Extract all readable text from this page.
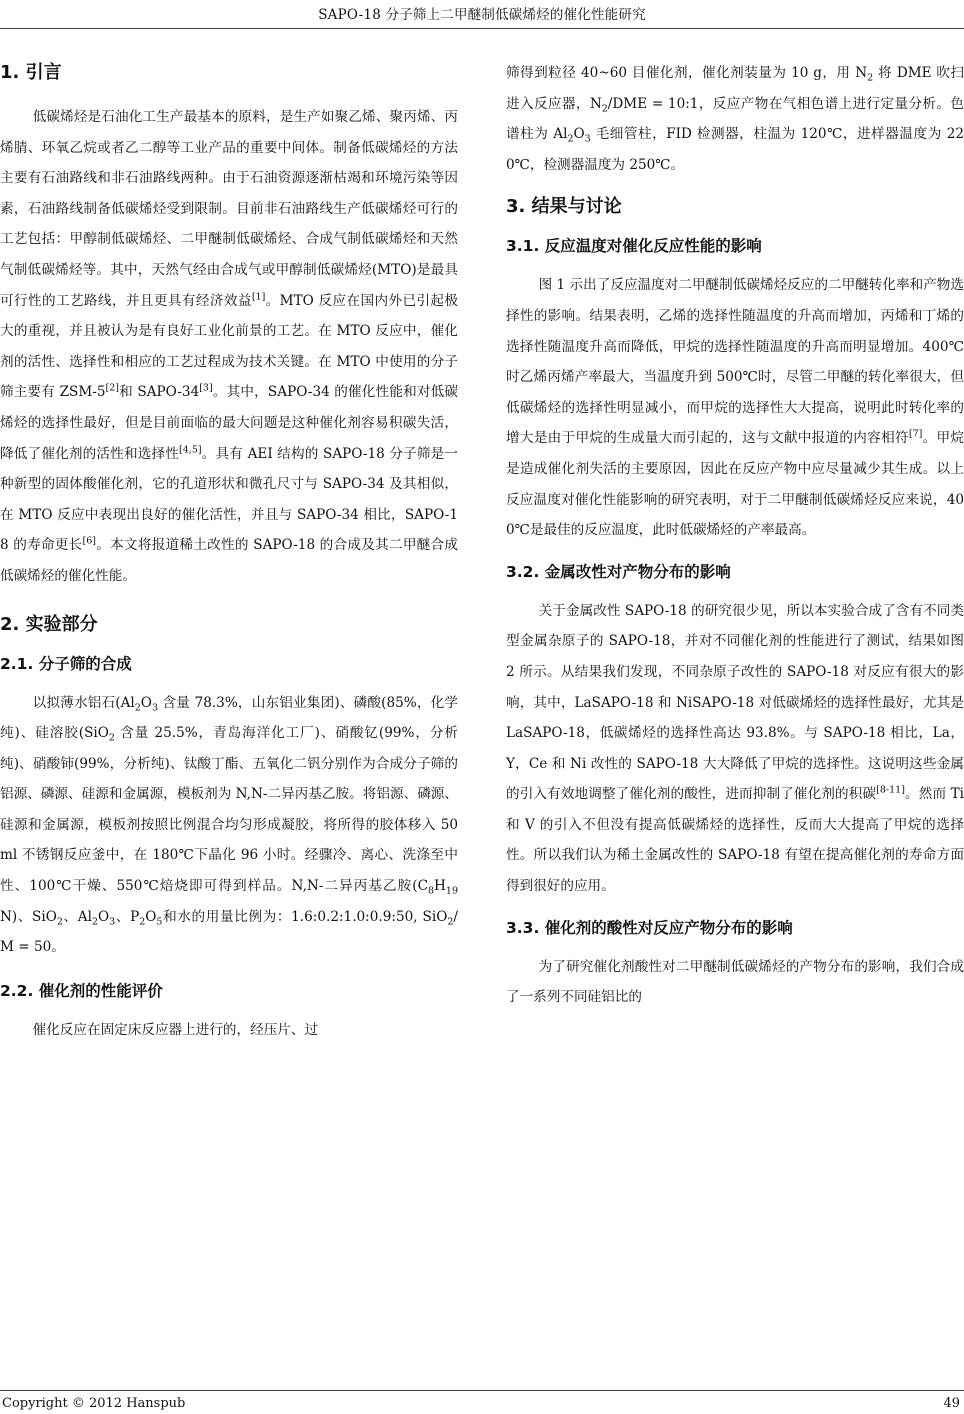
SAPO-18 分子筛上二甲醚制低碳烯烃的催化性能研究
1. 引言

低碳烯烃是石油化工生产最基本的原料，是生产如聚乙烯、聚丙烯、丙烯腈、环氧乙烷或者乙二醇等工业产品的重要中间体。制备低碳烯烃的方法主要有石油路线和非石油路线两种。由于石油资源逐渐枯竭和环境污染等因素，石油路线制备低碳烯烃受到限制。目前非石油路线生产低碳烯烃可行的工艺包括：甲醇制低碳烯烃、二甲醚制低碳烯烃、合成气制低碳烯烃和天然气制低碳烯烃等。其中，天然气经由合成气或甲醇制低碳烯烃(MTO)是最具可行性的工艺路线，并且更具有经济效益[1]。MTO 反应在国内外已引起极大的重视，并且被认为是有良好工业化前景的工艺。在 MTO 反应中，催化剂的活性、选择性和相应的工艺过程成为技术关键。在 MTO 中使用的分子筛主要有 ZSM-5[2]和 SAPO-34[3]。其中，SAPO-34 的催化性能和对低碳烯烃的选择性最好，但是目前面临的最大问题是这种催化剂容易积碳失活，降低了催化剂的活性和选择性[4,5]。具有 AEI 结构的 SAPO-18 分子筛是一种新型的固体酸催化剂，它的孔道形状和微孔尺寸与 SAPO-34 及其相似，在 MTO 反应中表现出良好的催化活性，并且与 SAPO-34 相比，SAPO-18 的寿命更长[6]。本文将报道稀土改性的 SAPO-18 的合成及其二甲醚合成低碳烯烃的催化性能。

2. 实验部分
2.1. 分子筛的合成

以拟薄水铝石($Al_2O_3$ 含量 78.3%，山东铝业集团)、磷酸(85%，化学纯)、硅溶胶(SiO$_2$ 含量 25.5%，青岛海洋化工厂)、硝酸钇(99%，分析纯)、硝酸铈(99%，分析纯)、钛酸丁酯、五氧化二钒分别作为合成分子筛的铝源、磷源、硅源和金属源，模板剂为 N,N-二异丙基乙胺。将铝源、磷源、硅源和金属源，模板剂按照比例混合均匀形成凝胶，将所得的胶体移入 50 ml 不锈钢反应釜中，在 180℃下晶化 96 小时。经骤冷、离心、洗涤至中性、100℃干燥、550℃焙烧即可得到样品。N,N-二异丙基乙胺$(C_8H_{19}N)$、SiO$_2$、$Al_2O_3$、$P_2O_5$和水的用量比例为：1.6:0.2:1.0:0.9:50, SiO$_2$/M = 50。

2.2. 催化剂的性能评价

催化反应在固定床反应器上进行的，经压片、过

筛得到粒径 40~60 目催化剂，催化剂装量为 10 g，用 $N_2$ 将 DME 吹扫进入反应器，$N_2$/DME = 10:1，反应产物在气相色谱上进行定量分析。色谱柱为 $Al_2O_3$ 毛细管柱，FID 检测器，柱温为 120℃，进样器温度为 220℃，检测器温度为 250℃。

3. 结果与讨论
3.1. 反应温度对催化反应性能的影响

图 1 示出了反应温度对二甲醚制低碳烯烃反应的二甲醚转化率和产物选择性的影响。结果表明，乙烯的选择性随温度的升高而增加，丙烯和丁烯的选择性随温度升高而降低，甲烷的选择性随温度的升高而明显增加。400℃时乙烯丙烯产率最大，当温度升到 500℃时，尽管二甲醚的转化率很大，但低碳烯烃的选择性明显减小，而甲烷的选择性大大提高，说明此时转化率的增大是由于甲烷的生成量大而引起的，这与文献中报道的内容相符[7]。甲烷是造成催化剂失活的主要原因，因此在反应产物中应尽量减少其生成。以上反应温度对催化性能影响的研究表明，对于二甲醚制低碳烯烃反应来说，400℃是最佳的反应温度，此时低碳烯烃的产率最高。

3.2. 金属改性对产物分布的影响

关于金属改性 SAPO-18 的研究很少见，所以本实验合成了含有不同类型金属杂原子的 SAPO-18，并对不同催化剂的性能进行了测试，结果如图 2 所示。从结果我们发现，不同杂原子改性的 SAPO-18 对反应有很大的影响，其中，LaSAPO-18 和 NiSAPO-18 对低碳烯烃的选择性最好，尤其是 LaSAPO-18，低碳烯烃的选择性高达 93.8%。与 SAPO-18 相比，La，Y，Ce 和 Ni 改性的 SAPO-18 大大降低了甲烷的选择性。这说明这些金属的引入有效地调整了催化剂的酸性，进而抑制了催化剂的积碳[8-11]。然而 Ti 和 V 的引入不但没有提高低碳烯烃的选择性，反而大大提高了甲烷的选择性。所以我们认为稀土金属改性的 SAPO-18 有望在提高催化剂的寿命方面得到很好的应用。

3.3. 催化剂的酸性对反应产物分布的影响

为了研究催化剂酸性对二甲醚制低碳烯烃的产物分布的影响，我们合成了一系列不同硅铝比的

Copyright © 2012 Hanspub	49
